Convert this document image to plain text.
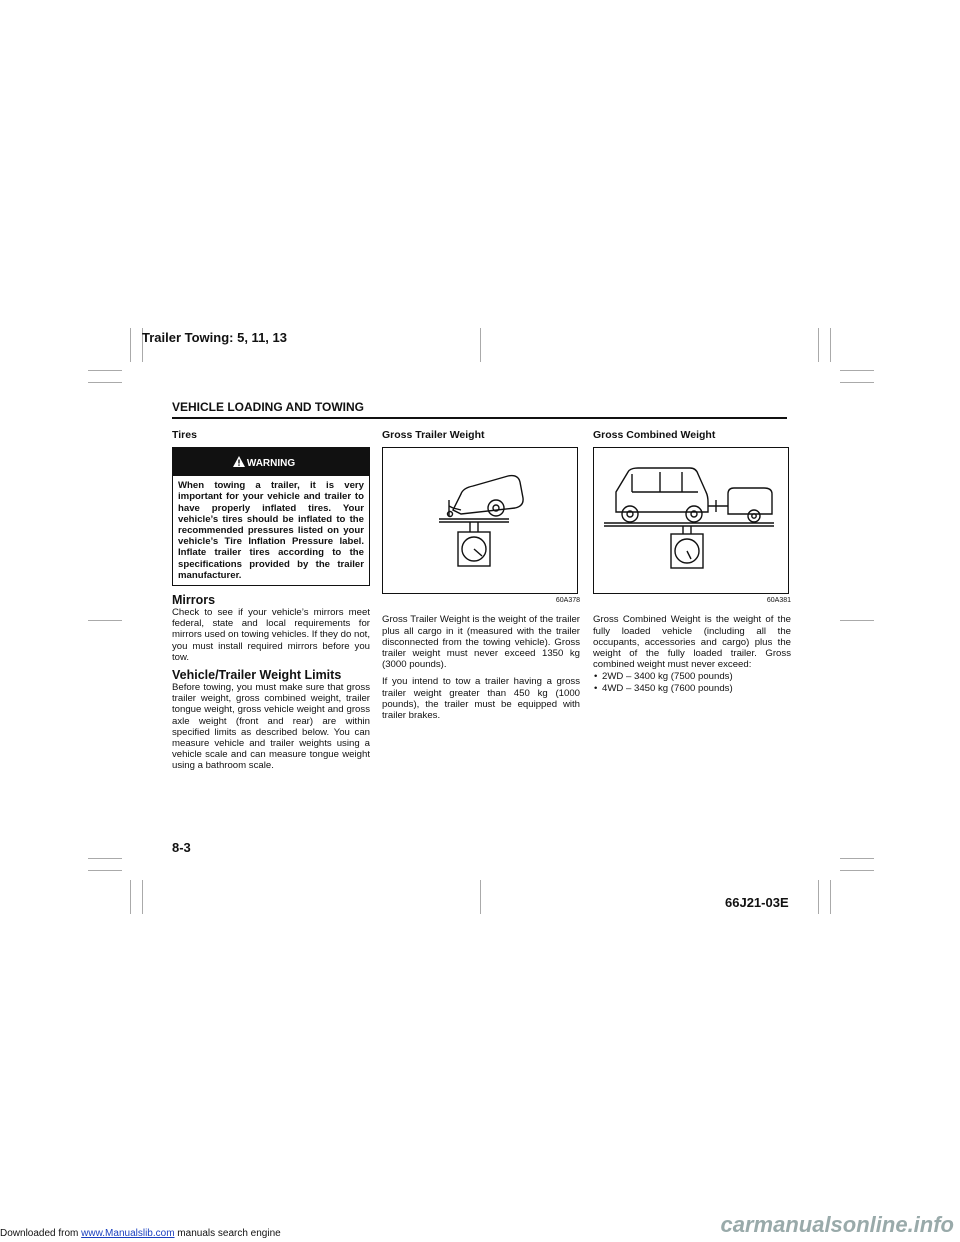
Trailer Towing: 5, 11, 13
VEHICLE LOADING AND TOWING
Tires
WARNING
When towing a trailer, it is very important for your vehicle and trailer to have properly inflated tires. Your vehicle’s tires should be inflated to the recommended pressures listed on your vehicle’s Tire Inflation Pressure label. Inflate trailer tires according to the specifications provided by the trailer manufacturer.
Mirrors

Check to see if your vehicle’s mirrors meet federal, state and local requirements for mirrors used on towing vehicles. If they do not, you must install required mirrors before you tow.

Vehicle/Trailer Weight Limits

Before towing, you must make sure that gross trailer weight, gross combined weight, trailer tongue weight, gross vehicle weight and gross axle weight (front and rear) are within specified limits as described below. You can measure vehicle and trailer weights using a vehicle scale and can measure tongue weight using a bathroom scale.

Gross Trailer Weight
60A378

Gross Trailer Weight is the weight of the trailer plus all cargo in it (measured with the trailer disconnected from the towing vehicle). Gross trailer weight must never exceed 1350 kg (3000 pounds).

If you intend to tow a trailer having a gross trailer weight greater than 450 kg (1000 pounds), the trailer must be equipped with trailer brakes.

Gross Combined Weight
60A381

Gross Combined Weight is the weight of the fully loaded vehicle (including all the occupants, accessories and cargo) plus the weight of the fully loaded trailer. Gross combined weight must never exceed:

• 2WD – 3400 kg (7500 pounds)
• 4WD – 3450 kg (7600 pounds)
8-3
66J21-03E
Downloaded from www.Manualslib.com manuals search engine	carmanualsonline.info
